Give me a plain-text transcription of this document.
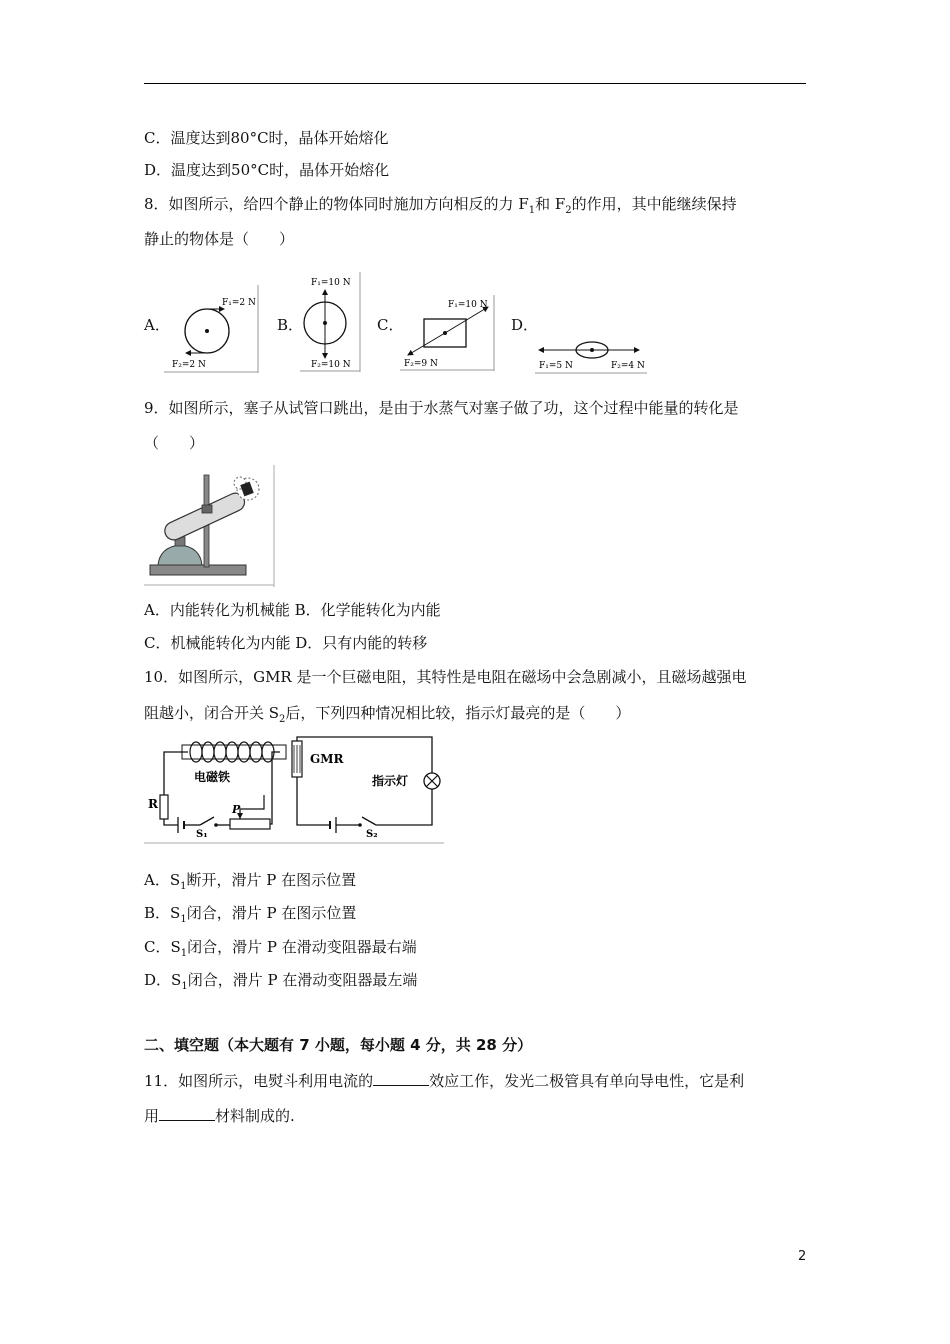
C．温度达到80°C时，晶体开始熔化
D．温度达到50°C时，晶体开始熔化
8．如图所示，给四个静止的物体同时施加方向相反的力 $F_1$和 $F_2$的作用，其中能继续保持
静止的物体是（　　）
A．	B．	C．	D．
F₁=2 N
F₂=2 N
F₁=10 N
F₂=10 N
F₁=10 N
F₂=9 N	F₁=5 N	F₂=4 N
9．如图所示，塞子从试管口跳出，是由于水蒸气对塞子做了功，这个过程中能量的转化是
（　　）
A．内能转化为机械能 B．化学能转化为内能
C．机械能转化为内能 D．只有内能的转移
10．如图所示，GMR 是一个巨磁电阻，其特性是电阻在磁场中会急剧减小，且磁场越强电
阻越小，闭合开关 $S_2$后，下列四种情况相比较，指示灯最亮的是（　　）
电磁铁
R	P
S₁
GMR
指示灯
S₂
A．$S_1$断开，滑片 P 在图示位置
B．$S_1$闭合，滑片 P 在图示位置
C．$S_1$闭合，滑片 P 在滑动变阻器最右端
D．$S_1$闭合，滑片 P 在滑动变阻器最左端
二、填空题（本大题有 7 小题，每小题 4 分，共 28 分）
11．如图所示，电熨斗利用电流的	效应工作，发光二极管具有单向导电性，它是利
用	材料制成的.
2
